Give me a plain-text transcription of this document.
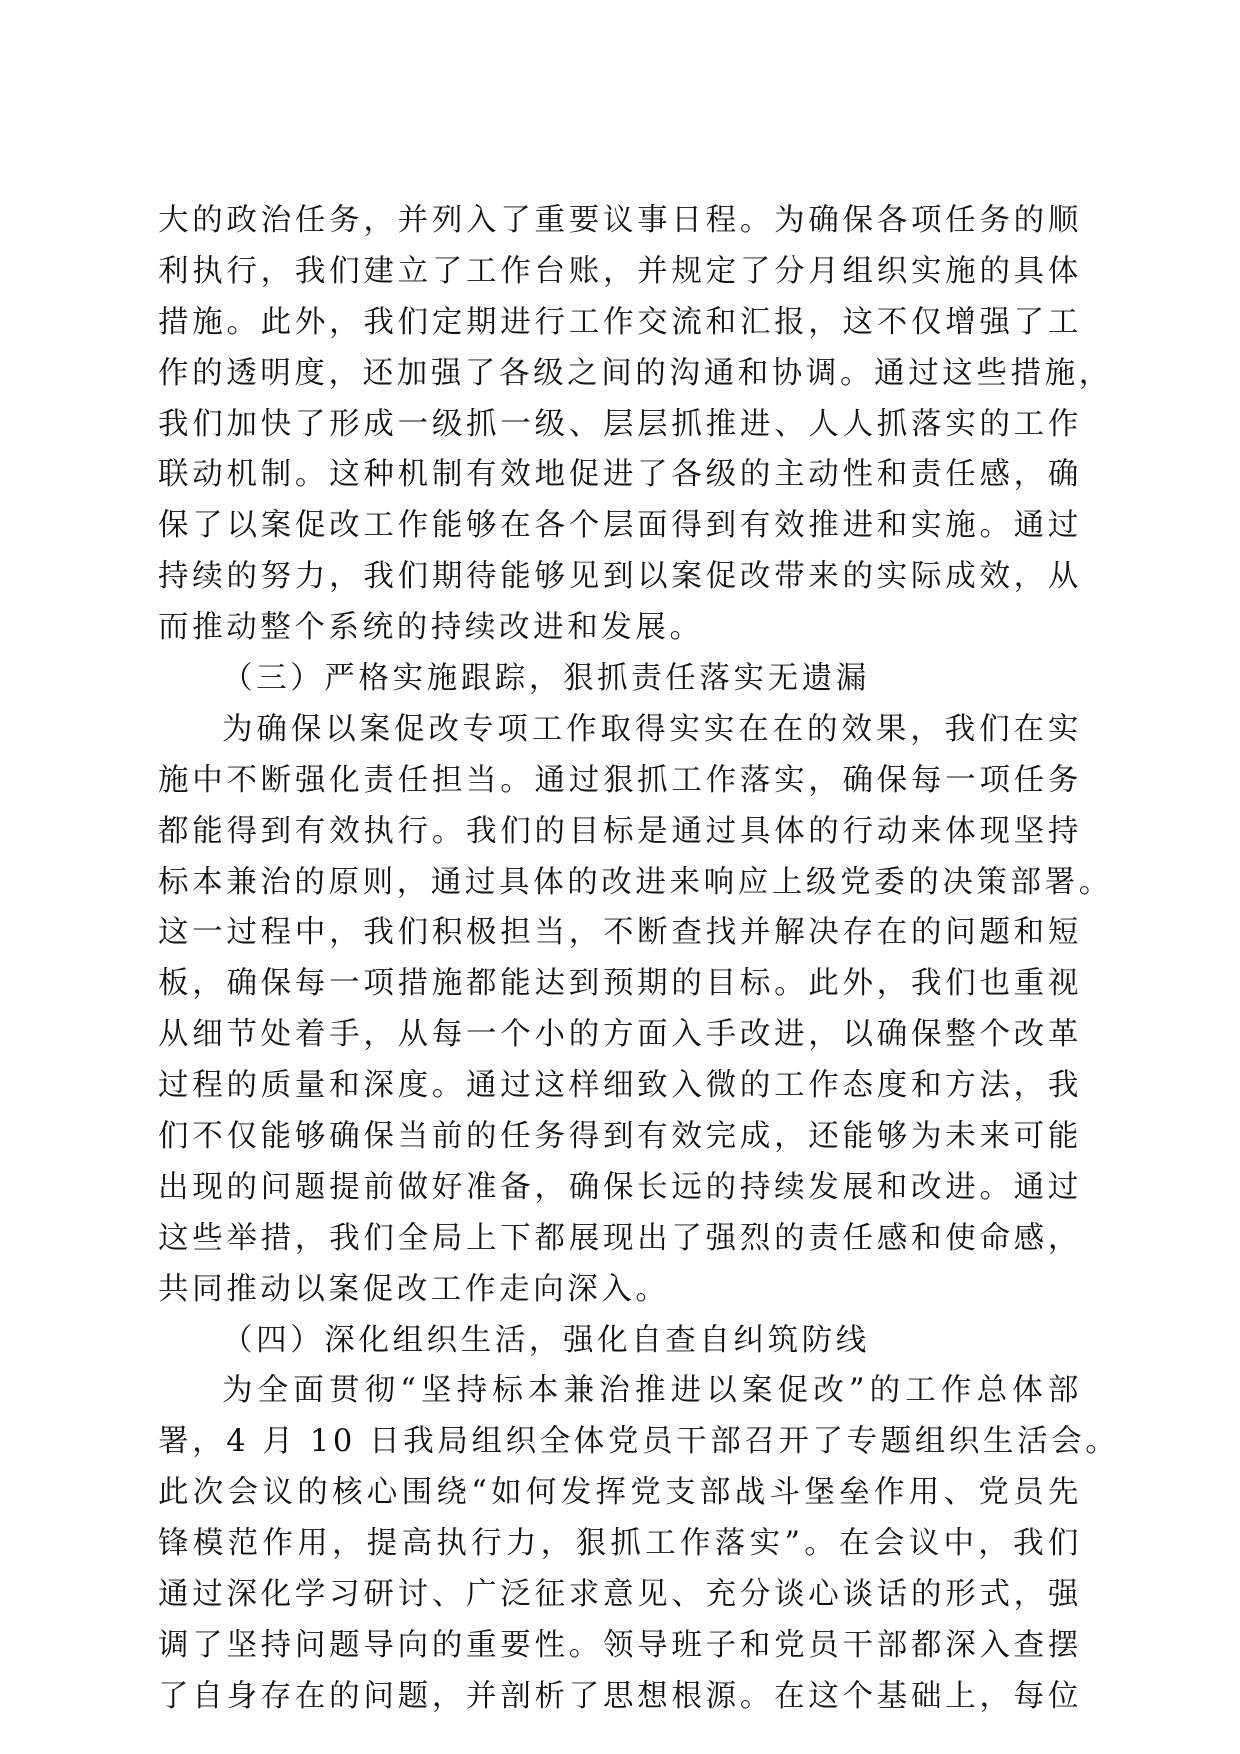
大的政治任务，并列入了重要议事日程。为确保各项任务的顺
利执行，我们建立了工作台账，并规定了分月组织实施的具体
措施。此外，我们定期进行工作交流和汇报，这不仅增强了工
作的透明度，还加强了各级之间的沟通和协调。通过这些措施，
我们加快了形成一级抓一级、层层抓推进、人人抓落实的工作
联动机制。这种机制有效地促进了各级的主动性和责任感，确
保了以案促改工作能够在各个层面得到有效推进和实施。通过
持续的努力，我们期待能够见到以案促改带来的实际成效，从
而推动整个系统的持续改进和发展。
（三）严格实施跟踪，狠抓责任落实无遗漏
为确保以案促改专项工作取得实实在在的效果，我们在实
施中不断强化责任担当。通过狠抓工作落实，确保每一项任务
都能得到有效执行。我们的目标是通过具体的行动来体现坚持
标本兼治的原则，通过具体的改进来响应上级党委的决策部署。
这一过程中，我们积极担当，不断查找并解决存在的问题和短
板，确保每一项措施都能达到预期的目标。此外，我们也重视
从细节处着手，从每一个小的方面入手改进，以确保整个改革
过程的质量和深度。通过这样细致入微的工作态度和方法，我
们不仅能够确保当前的任务得到有效完成，还能够为未来可能
出现的问题提前做好准备，确保长远的持续发展和改进。通过
这些举措，我们全局上下都展现出了强烈的责任感和使命感，
共同推动以案促改工作走向深入。
（四）深化组织生活，强化自查自纠筑防线
为全面贯彻“坚持标本兼治推进以案促改”的工作总体部
署，4 月 10 日我局组织全体党员干部召开了专题组织生活会。
此次会议的核心围绕“如何发挥党支部战斗堡垒作用、党员先
锋模范作用，提高执行力，狠抓工作落实”。在会议中，我们
通过深化学习研讨、广泛征求意见、充分谈心谈话的形式，强
调了坚持问题导向的重要性。领导班子和党员干部都深入查摆
了自身存在的问题，并剖析了思想根源。在这个基础上，每位
